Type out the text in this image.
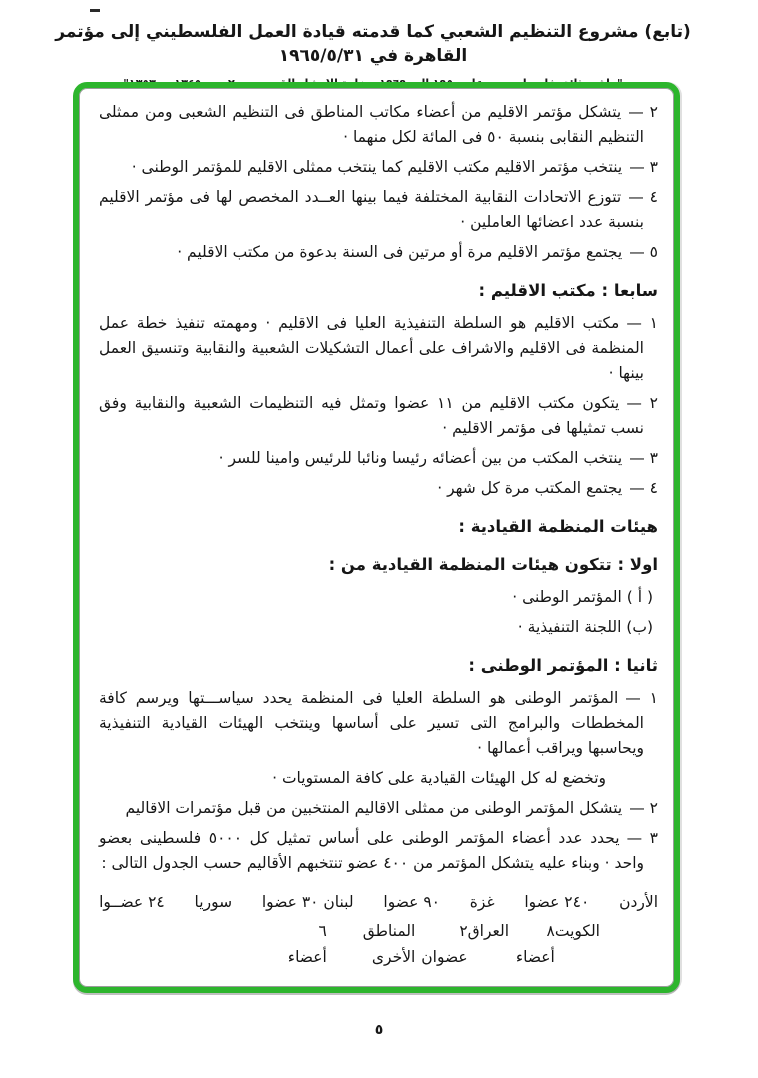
(تابع) مشروع التنظيم الشعبي كما قدمته قيادة العمل الفلسطيني إلى مؤتمر القاهرة في ١٩٦٥/٥/٣١

٢ —يتشكل مؤتمر الاقليم من أعضاء مكاتب المناطق فى التنظيم الشعبى ومن ممثلى التنظيم النقابى بنسبة ٥٠ فى المائة لكل منهما ·

٣ —ينتخب مؤتمر الاقليم مكتب الاقليم كما ينتخب ممثلى الاقليم للمؤتمر الوطنى ·

٤ —تتوزع الاتحادات النقابية المختلفة فيما بينها العــدد المخصص لها فى مؤتمر الاقليم بنسبة عدد اعضائها العاملين ·

٥ —يجتمع مؤتمر الاقليم مرة أو مرتين فى السنة بدعوة من مكتب الاقليم ·

سابعا : مكتب الاقليم :

١ —مكتب الاقليم هو السلطة التنفيذية العليا فى الاقليم · ومهمته تنفيذ خطة عمل المنظمة فى الاقليم والاشراف على أعمال التشكيلات الشعبية والنقابية وتنسيق العمل بينها ·

٢ —يتكون مكتب الاقليم من ١١ عضوا وتمثل فيه التنظيمات الشعبية والنقابية وفق نسب تمثيلها فى مؤتمر الاقليم ·

٣ —ينتخب المكتب من بين أعضائه رئيسا ونائبا للرئيس وامينا للسر ·

٤ —يجتمع المكتب مرة كل شهر ·

هيئات المنظمة القيادية :
اولا : تتكون هيئات المنظمة القيادية من :

( أ ) المؤتمر الوطنى ·

(ب) اللجنة التنفيذية ·

ثانيا : المؤتمر الوطنى :

١ —المؤتمر الوطنى هو السلطة العليا فى المنظمة يحدد سياســـتها ويرسم كافة المخططات والبرامج التى تسير على أساسها وينتخب الهيئات القيادية التنفيذية ويحاسبها ويراقب أعمالها ·

وتخضع له كل الهيئات القيادية على كافة المستويات ·

٢ —يتشكل المؤتمر الوطنى من ممثلى الاقاليم المنتخبين من قبل مؤتمرات الاقاليم

٣ —يحدد عدد أعضاء المؤتمر الوطنى على أساس تمثيل كل ٥٠٠٠ فلسطينى بعضو واحد · وبناء عليه يتشكل المؤتمر من ٤٠٠ عضو تنتخبهم الأقاليم حسب الجدول التالى :

الأردن
٢٤٠ عضوا
غزة
٩٠ عضوا
لبنان ٣٠ عضوا
سوريا
٢٤ عضــوا
الكويت
٨ أعضاء
العراق
٢ عضوان
المناطق الأخرى
٦ أعضاء
٥
